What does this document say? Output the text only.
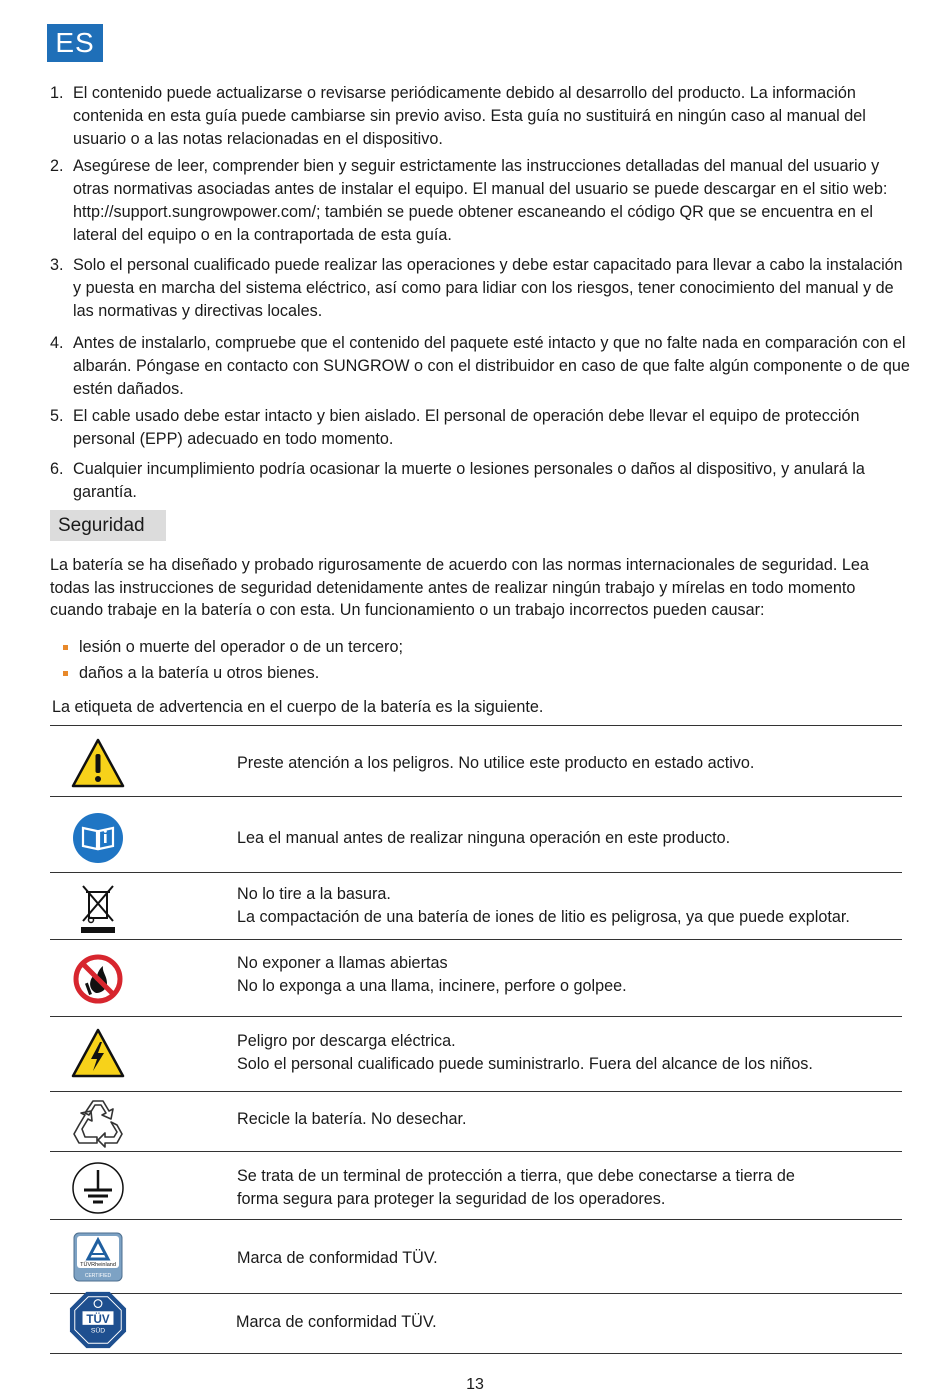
ES
1. El contenido puede actualizarse o revisarse periódicamente debido al desarrollo del producto. La información contenida en esta guía puede cambiarse sin previo aviso. Esta guía no sustituirá en ningún caso al manual del usuario o a las notas relacionadas en el dispositivo.
2. Asegúrese de leer, comprender bien y seguir estrictamente las instrucciones detalladas del manual del usuario y otras normativas asociadas antes de instalar el equipo. El manual del usuario se puede descargar en el sitio web: http://support.sungrowpower.com/; también se puede obtener escaneando el código QR que se encuentra en el lateral del equipo o en la contraportada de esta guía.
3. Solo el personal cualificado puede realizar las operaciones y debe estar capacitado para llevar a cabo la instalación y puesta en marcha del sistema eléctrico, así como para lidiar con los riesgos, tener conocimiento del manual y de las normativas y directivas locales.
4. Antes de instalarlo, compruebe que el contenido del paquete esté intacto y que no falte nada en comparación con el albarán. Póngase en contacto con SUNGROW o con el distribuidor en caso de que falte algún componente o de que estén dañados.
5. El cable usado debe estar intacto y bien aislado. El personal de operación debe llevar el equipo de protección personal (EPP) adecuado en todo momento.
6. Cualquier incumplimiento podría ocasionar la muerte o lesiones personales o daños al dispositivo, y anulará la garantía.
Seguridad

La batería se ha diseñado y probado rigurosamente de acuerdo con las normas internacionales de seguridad. Lea todas las instrucciones de seguridad detenidamente antes de realizar ningún trabajo y mírelas en todo momento cuando trabaje en la batería o con esta. Un funcionamiento o un trabajo incorrectos pueden causar:

lesión o muerte del operador o de un tercero;
daños a la batería u otros bienes.

La etiqueta de advertencia en el cuerpo de la batería es la siguiente.

Preste atención a los peligros. No utilice este producto en estado activo.
Lea el manual antes de realizar ninguna operación en este producto.
No lo tire a la basura.
La compactación de una batería de iones de litio es peligrosa, ya que puede explotar.
No exponer a llamas abiertas
No lo exponga a una llama, incinere, perfore o golpee.
Peligro por descarga eléctrica.
Solo el personal cualificado puede suministrarlo. Fuera del alcance de los niños.
Recicle la batería. No desechar.
Se trata de un terminal de protección a tierra, que debe conectarse a tierra de
forma segura para proteger la seguridad de los operadores.
TÜVRheinland
CERTIFIED
Marca de conformidad TÜV.
TÜV
SÜD
Marca de conformidad TÜV.
13
